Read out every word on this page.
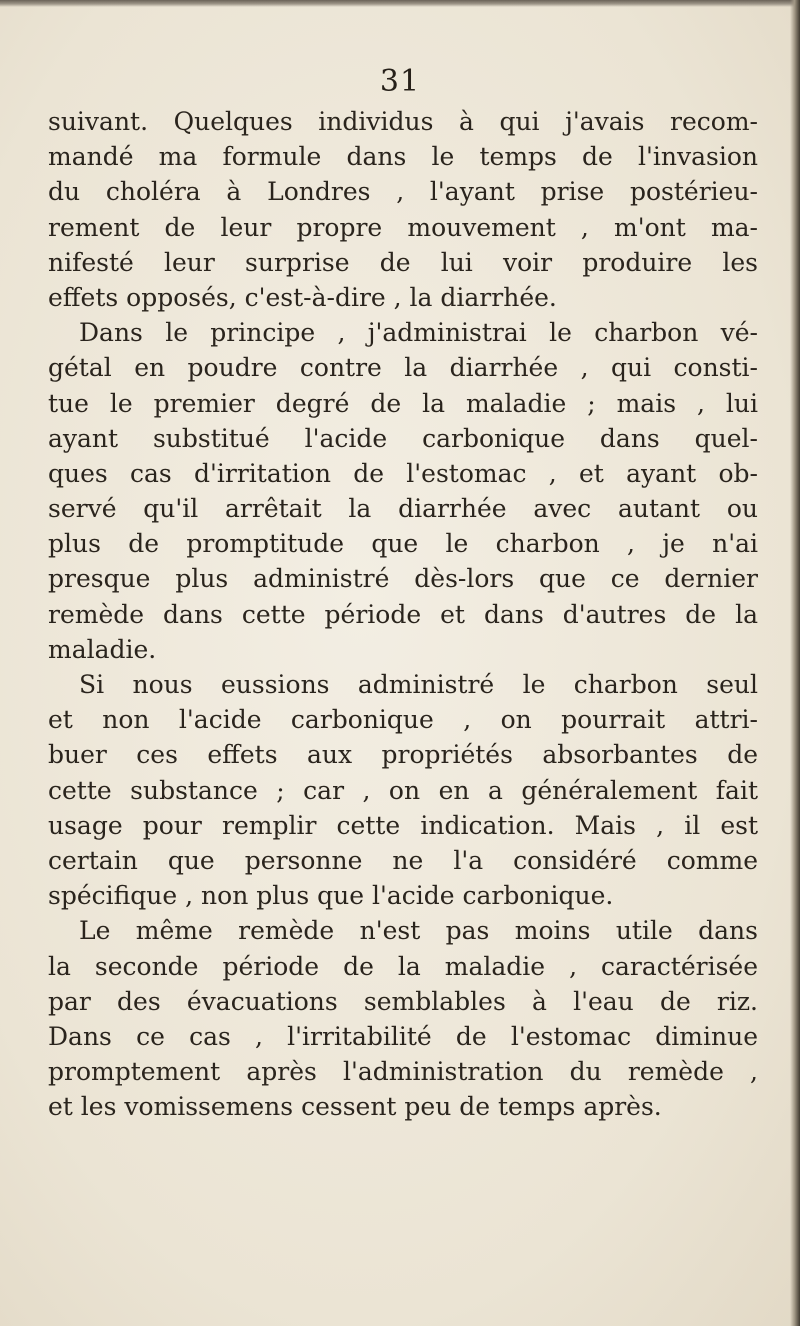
31
suivant. Quelques individus à qui j'avais recom-
mandé ma formule dans le temps de l'invasion
du choléra à Londres , l'ayant prise postérieu-
rement de leur propre mouvement , m'ont ma-
nifesté leur surprise de lui voir produire les
effets opposés, c'est-à-dire , la diarrhée.
Dans le principe , j'administrai le charbon vé-
gétal en poudre contre la diarrhée , qui consti-
tue le premier degré de la maladie ; mais , lui
ayant substitué l'acide carbonique dans quel-
ques cas d'irritation de l'estomac , et ayant ob-
servé qu'il arrêtait la diarrhée avec autant ou
plus de promptitude que le charbon , je n'ai
presque plus administré dès-lors que ce dernier
remède dans cette période et dans d'autres de la
maladie.
Si nous eussions administré le charbon seul
et non l'acide carbonique , on pourrait attri-
buer ces effets aux propriétés absorbantes de
cette substance ; car , on en a généralement fait
usage pour remplir cette indication. Mais , il est
certain que personne ne l'a considéré comme
spécifique , non plus que l'acide carbonique.
Le même remède n'est pas moins utile dans
la seconde période de la maladie , caractérisée
par des évacuations semblables à l'eau de riz.
Dans ce cas , l'irritabilité de l'estomac diminue
promptement après l'administration du remède ,
et les vomissemens cessent peu de temps après.
